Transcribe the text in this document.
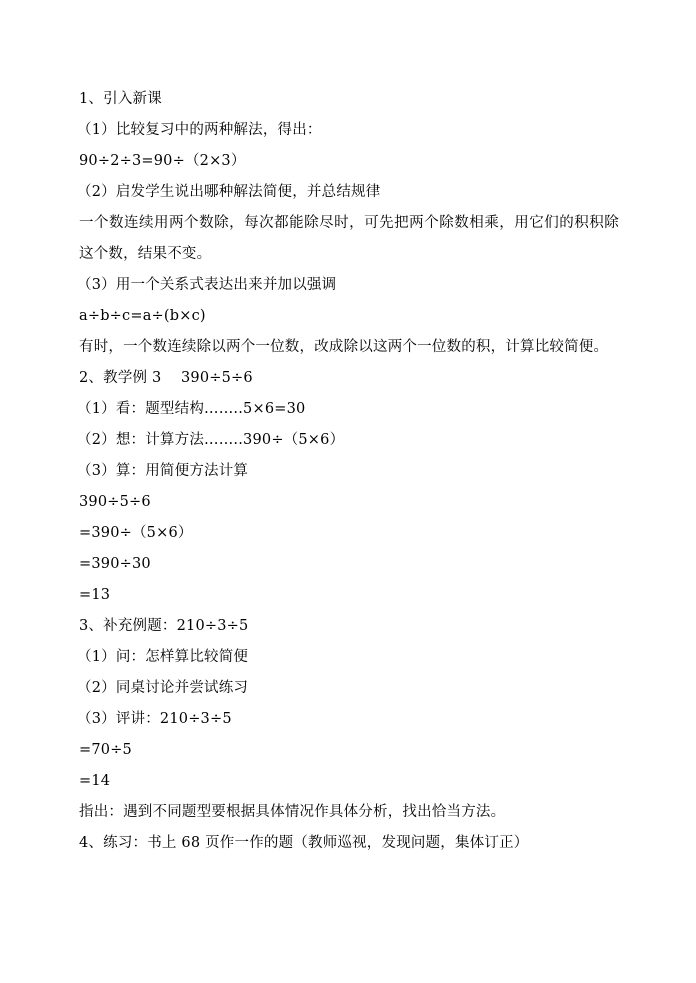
1、引入新课
（1）比较复习中的两种解法，得出：
90÷2÷3=90÷（2×3）
（2）启发学生说出哪种解法简便，并总结规律
一个数连续用两个数除，每次都能除尽时，可先把两个除数相乘，用它们的积积除这个数，结果不变。
（3）用一个关系式表达出来并加以强调
a÷b÷c=a÷(b×c)
有时，一个数连续除以两个一位数，改成除以这两个一位数的积，计算比较简便。
2、教学例 3　 390÷5÷6
（1）看：题型结构……..5×6=30
（2）想：计算方法……..390÷（5×6）
（3）算：用简便方法计算
390÷5÷6
=390÷（5×6）
=390÷30
=13
3、补充例题：210÷3÷5
（1）问：怎样算比较简便
（2）同桌讨论并尝试练习
（3）评讲：210÷3÷5
=70÷5
=14
指出：遇到不同题型要根据具体情况作具体分析，找出恰当方法。
4、练习：书上 68 页作一作的题（教师巡视，发现问题，集体订正）
